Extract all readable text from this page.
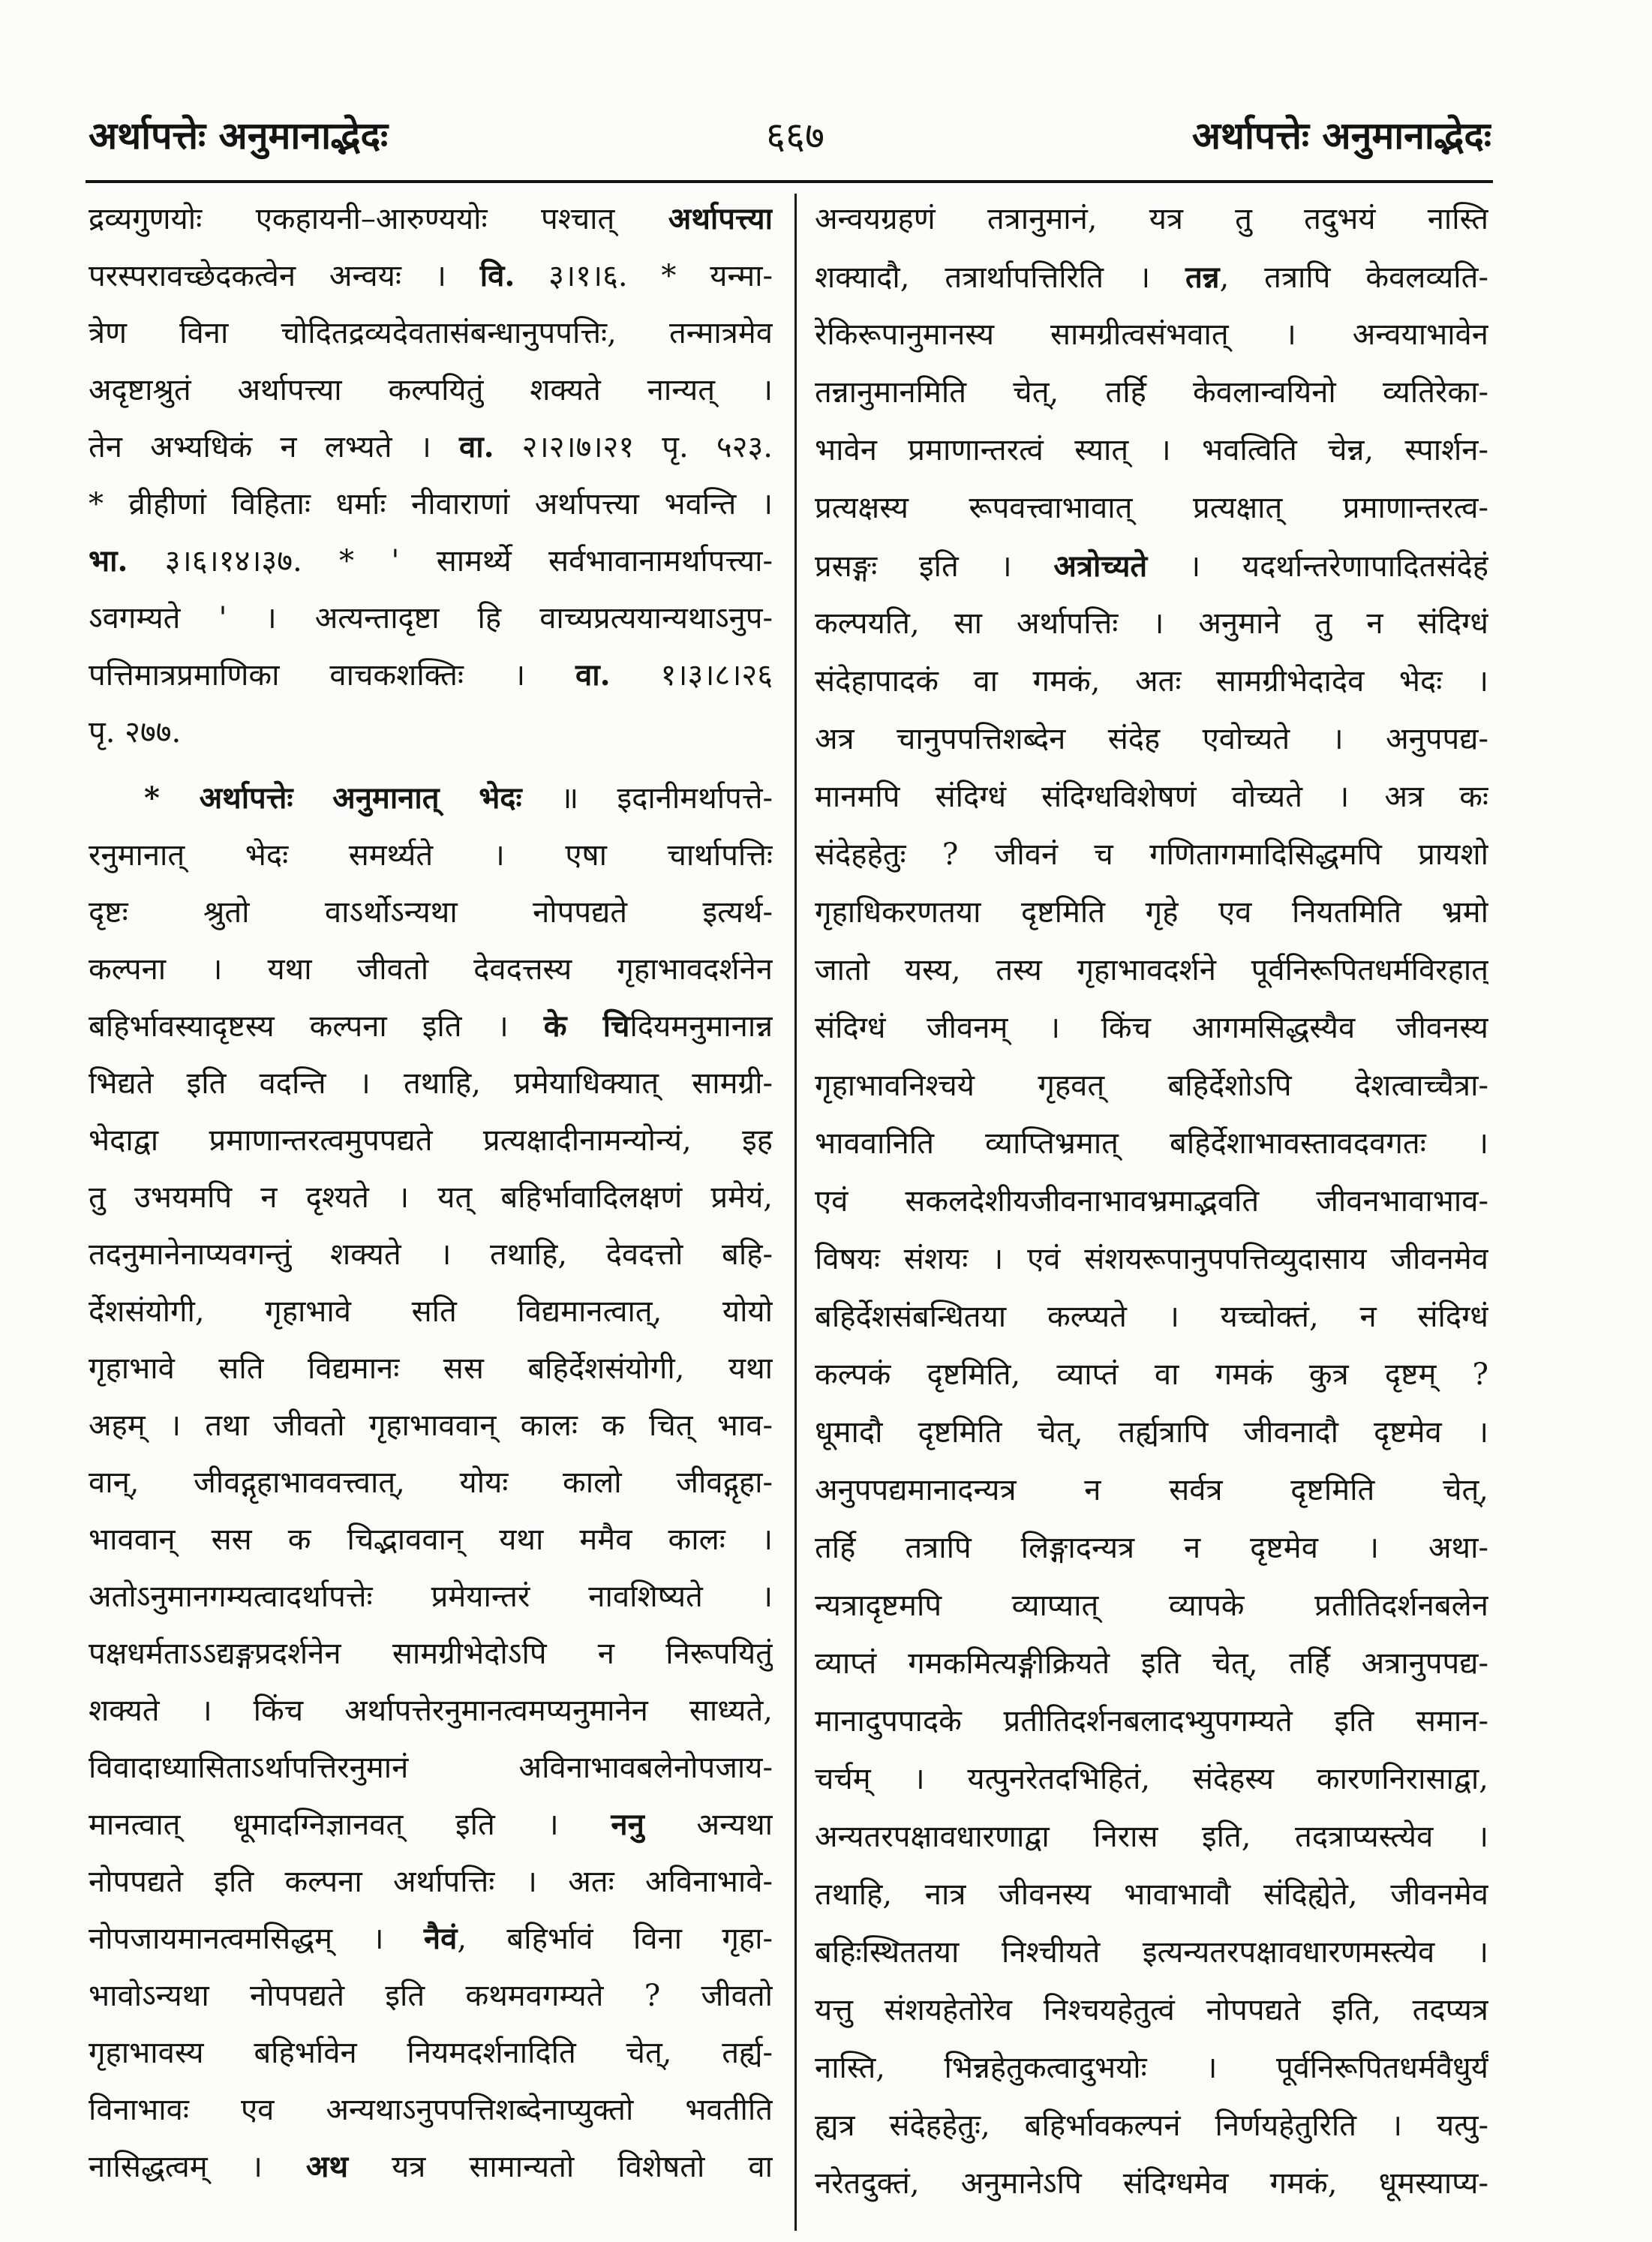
अर्थापत्तेः अनुमानाद्भेदः	६६७	अर्थापत्तेः अनुमानाद्भेदः
द्रव्यगुणयोः एकहायनी–आरुण्ययोः पश्चात् अर्थापत्त्या
परस्परावच्छेदकत्वेन अन्वयः । वि. ३।१।६. * यन्मा-
त्रेण विना चोदितद्रव्यदेवतासंबन्धानुपपत्तिः, तन्मात्रमेव
अदृष्टाश्रुतं अर्थापत्त्या कल्पयितुं शक्यते नान्यत् ।
तेन अभ्यधिकं न लभ्यते । वा. २।२।७।२१ पृ. ५२३.
* व्रीहीणां विहिताः धर्माः नीवाराणां अर्थापत्त्या भवन्ति ।
भा. ३।६।१४।३७. * ' सामर्थ्ये सर्वभावानामर्थापत्त्या-
ऽवगम्यते ' । अत्यन्तादृष्टा हि वाच्यप्रत्ययान्यथाऽनुप-
पत्तिमात्रप्रमाणिका वाचकशक्तिः । वा. १।३।८।२६
पृ. २७७.
* अर्थापत्तेः अनुमानात् भेदः ॥ इदानीमर्थापत्ते-
रनुमानात् भेदः समर्थ्यते । एषा चार्थापत्तिः
दृष्टः श्रुतो वाऽर्थोऽन्यथा नोपपद्यते इत्यर्थ-
कल्पना । यथा जीवतो देवदत्तस्य गृहाभावदर्शनेन
बहिर्भावस्यादृष्टस्य कल्पना इति । के चिदियमनुमानान्न
भिद्यते इति वदन्ति । तथाहि, प्रमेयाधिक्यात् सामग्री-
भेदाद्वा प्रमाणान्तरत्वमुपपद्यते प्रत्यक्षादीनामन्योन्यं, इह
तु उभयमपि न दृश्यते । यत् बहिर्भावादिलक्षणं प्रमेयं,
तदनुमानेनाप्यवगन्तुं शक्यते । तथाहि, देवदत्तो बहि-
र्देशसंयोगी, गृहाभावे सति विद्यमानत्वात्, योयो
गृहाभावे सति विद्यमानः सस बहिर्देशसंयोगी, यथा
अहम् । तथा जीवतो गृहाभाववान् कालः क चित् भाव-
वान्, जीवद्गृहाभाववत्त्वात्, योयः कालो जीवद्गृहा-
भाववान् सस क चिद्भाववान् यथा ममैव कालः ।
अतोऽनुमानगम्यत्वादर्थापत्तेः प्रमेयान्तरं नावशिष्यते ।
पक्षधर्मताऽऽद्यङ्गप्रदर्शनेन सामग्रीभेदोऽपि न निरूपयितुं
शक्यते । किंच अर्थापत्तेरनुमानत्वमप्यनुमानेन साध्यते,
विवादाध्यासिताऽर्थापत्तिरनुमानं अविनाभावबलेनोपजाय-
मानत्वात् धूमादग्निज्ञानवत् इति । ननु अन्यथा
नोपपद्यते इति कल्पना अर्थापत्तिः । अतः अविनाभावे-
नोपजायमानत्वमसिद्धम् । नैवं, बहिर्भावं विना गृहा-
भावोऽन्यथा नोपपद्यते इति कथमवगम्यते ? जीवतो
गृहाभावस्य बहिर्भावेन नियमदर्शनादिति चेत्, तर्ह्य-
विनाभावः एव अन्यथाऽनुपपत्तिशब्देनाप्युक्तो भवतीति
नासिद्धत्वम् । अथ यत्र सामान्यतो विशेषतो वा
अन्वयग्रहणं तत्रानुमानं, यत्र तु तदुभयं नास्ति
शक्यादौ, तत्रार्थापत्तिरिति । तन्न, तत्रापि केवलव्यति-
रेकिरूपानुमानस्य सामग्रीत्वसंभवात् । अन्वयाभावेन
तन्नानुमानमिति चेत्, तर्हि केवलान्वयिनो व्यतिरेका-
भावेन प्रमाणान्तरत्वं स्यात् । भवत्विति चेन्न, स्पार्शन-
प्रत्यक्षस्य रूपवत्त्वाभावात् प्रत्यक्षात् प्रमाणान्तरत्व-
प्रसङ्गः इति । अत्रोच्यते । यदर्थान्तरेणापादितसंदेहं
कल्पयति, सा अर्थापत्तिः । अनुमाने तु न संदिग्धं
संदेहापादकं वा गमकं, अतः सामग्रीभेदादेव भेदः ।
अत्र चानुपपत्तिशब्देन संदेह एवोच्यते । अनुपपद्य-
मानमपि संदिग्धं संदिग्धविशेषणं वोच्यते । अत्र कः
संदेहहेतुः ? जीवनं च गणितागमादिसिद्धमपि प्रायशो
गृहाधिकरणतया दृष्टमिति गृहे एव नियतमिति भ्रमो
जातो यस्य, तस्य गृहाभावदर्शने पूर्वनिरूपितधर्मविरहात्
संदिग्धं जीवनम् । किंच आगमसिद्धस्यैव जीवनस्य
गृहाभावनिश्चये गृहवत् बहिर्देशोऽपि देशत्वाच्चैत्रा-
भाववानिति व्याप्तिभ्रमात् बहिर्देशाभावस्तावदवगतः ।
एवं सकलदेशीयजीवनाभावभ्रमाद्भवति जीवनभावाभाव-
विषयः संशयः । एवं संशयरूपानुपपत्तिव्युदासाय जीवनमेव
बहिर्देशसंबन्धितया कल्प्यते । यच्चोक्तं, न संदिग्धं
कल्पकं दृष्टमिति, व्याप्तं वा गमकं कुत्र दृष्टम् ?
धूमादौ दृष्टमिति चेत्, तर्ह्यत्रापि जीवनादौ दृष्टमेव ।
अनुपपद्यमानादन्यत्र न सर्वत्र दृष्टमिति चेत्,
तर्हि तत्रापि लिङ्गादन्यत्र न दृष्टमेव । अथा-
न्यत्रादृष्टमपि व्याप्यात् व्यापके प्रतीतिदर्शनबलेन
व्याप्तं गमकमित्यङ्गीक्रियते इति चेत्, तर्हि अत्रानुपपद्य-
मानादुपपादके प्रतीतिदर्शनबलादभ्युपगम्यते इति समान-
चर्चम् । यत्पुनरेतदभिहितं, संदेहस्य कारणनिरासाद्वा,
अन्यतरपक्षावधारणाद्वा निरास इति, तदत्राप्यस्त्येव ।
तथाहि, नात्र जीवनस्य भावाभावौ संदिह्येते, जीवनमेव
बहिःस्थिततया निश्चीयते इत्यन्यतरपक्षावधारणमस्त्येव ।
यत्तु संशयहेतोरेव निश्चयहेतुत्वं नोपपद्यते इति, तदप्यत्र
नास्ति, भिन्नहेतुकत्वादुभयोः । पूर्वनिरूपितधर्मवैधुर्यं
ह्यत्र संदेहहेतुः, बहिर्भावकल्पनं निर्णयहेतुरिति । यत्पु-
नरेतदुक्तं, अनुमानेऽपि संदिग्धमेव गमकं, धूमस्याप्य-
